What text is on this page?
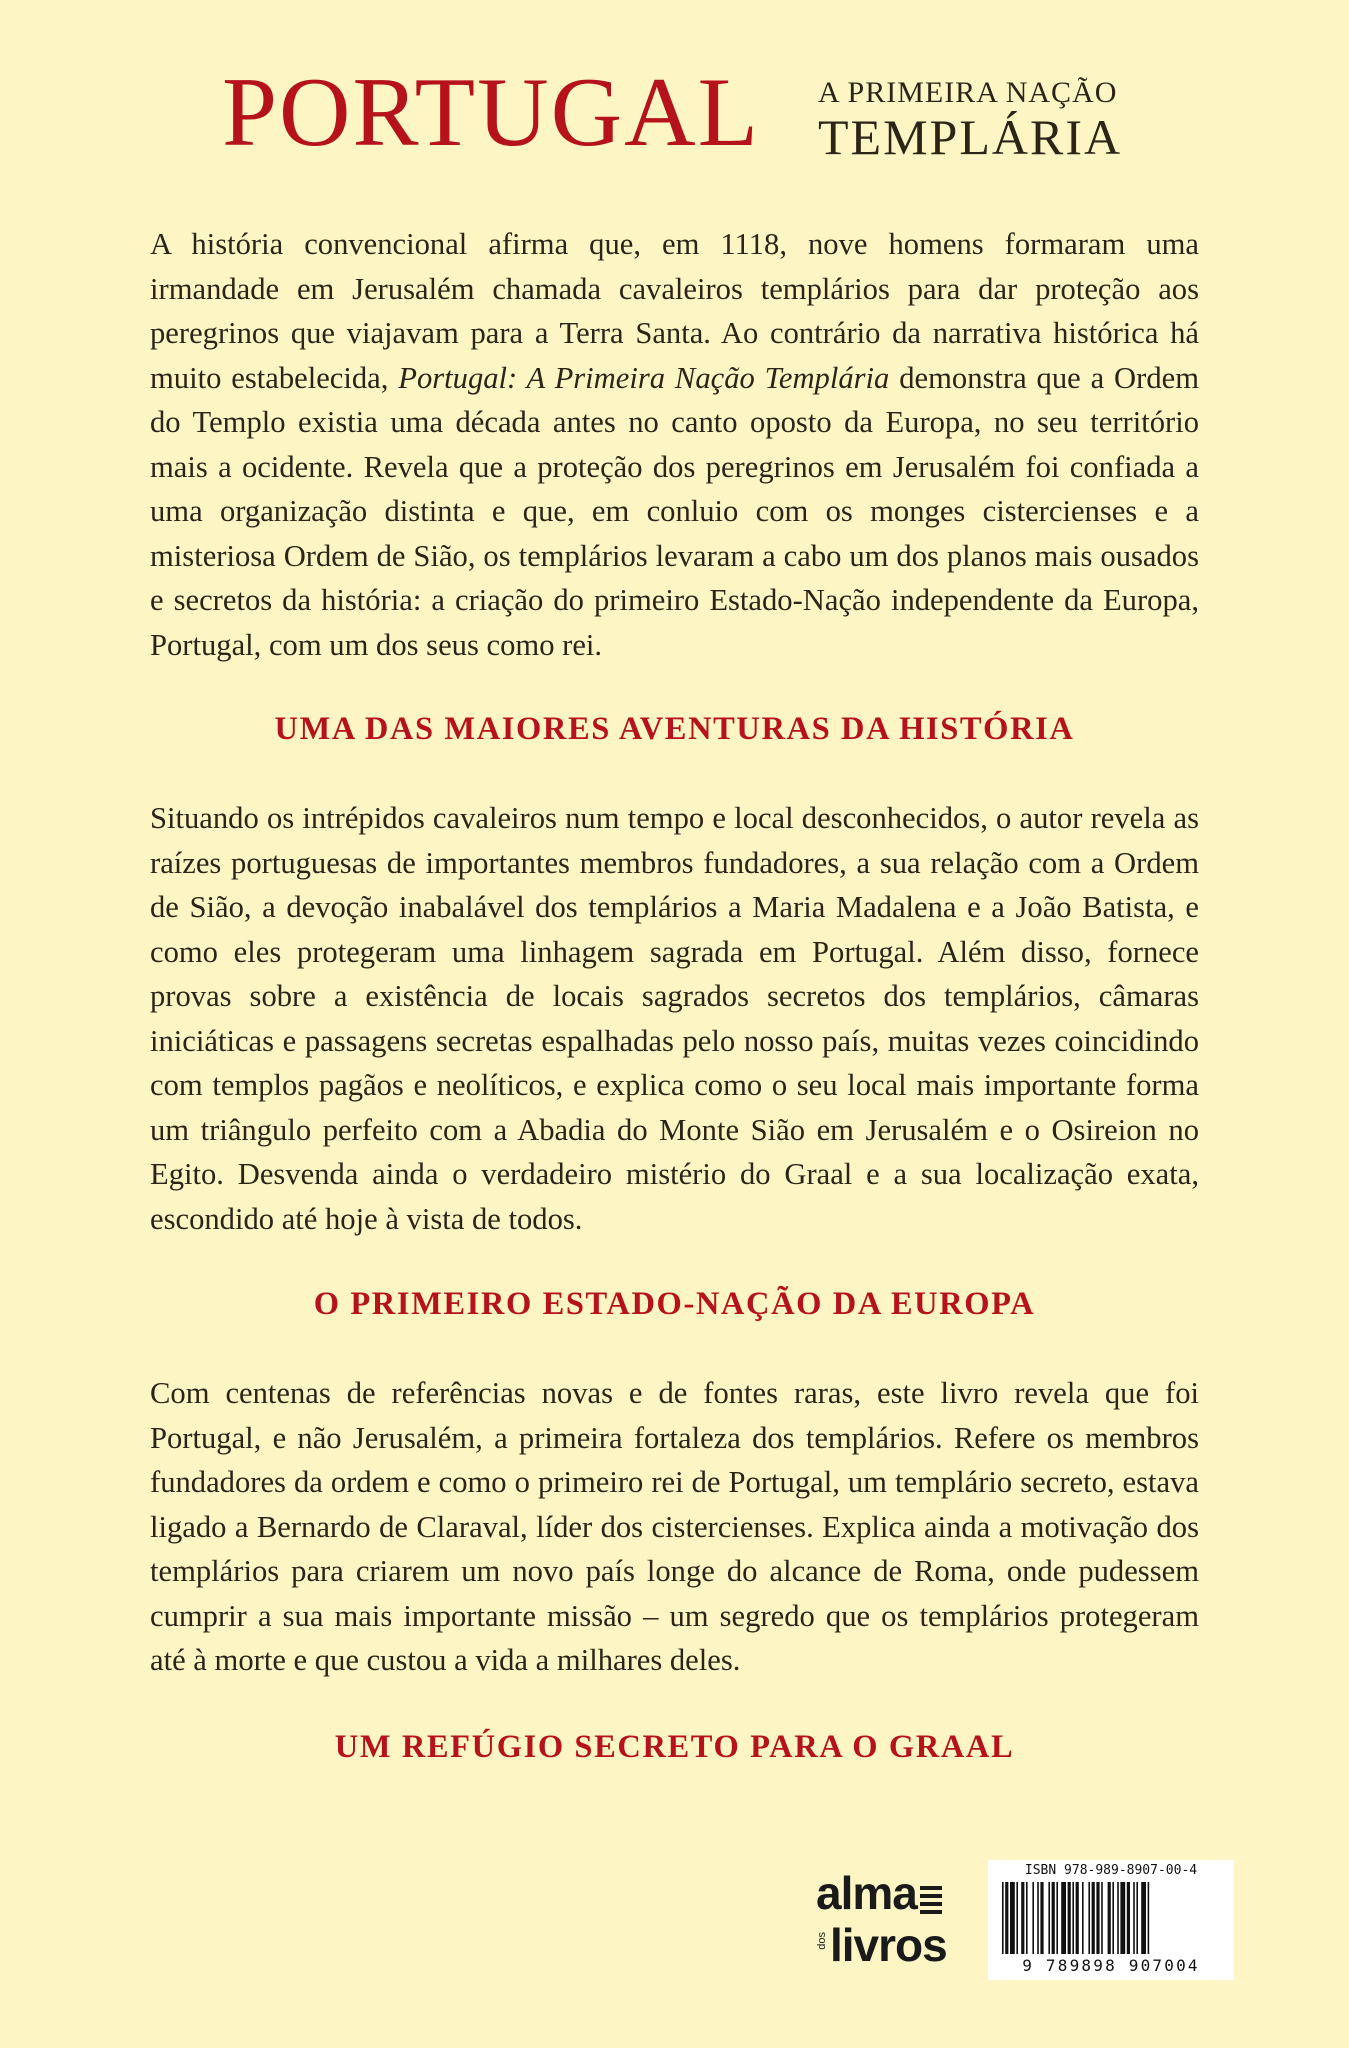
PORTUGAL A PRIMEIRA NAÇÃO
TEMPLÁRIA

A história convencional afirma que, em 1118, nove homens formaram uma irmandade em Jerusalém chamada cavaleiros templários para dar proteção aos peregrinos que viajavam para a Terra Santa. Ao contrário da narrativa histórica há muito estabelecida, Portugal: A Primeira Nação Templária demonstra que a Ordem do Templo existia uma década antes no canto oposto da Europa, no seu território mais a ocidente. Revela que a proteção dos peregrinos em Jerusalém foi confiada a uma organização distinta e que, em conluio com os monges cistercienses e a misteriosa Ordem de Sião, os templários levaram a cabo um dos planos mais ousados e secretos da história: a criação do primeiro Estado-Nação independente da Europa, Portugal, com um dos seus como rei.

UMA DAS MAIORES AVENTURAS DA HISTÓRIA

Situando os intrépidos cavaleiros num tempo e local desconhecidos, o autor revela as raízes portuguesas de importantes membros fundadores, a sua relação com a Ordem de Sião, a devoção inabalável dos templários a Maria Madalena e a João Batista, e como eles protegeram uma linhagem sagrada em Portugal. Além disso, fornece provas sobre a existência de locais sagrados secretos dos templários, câmaras iniciáticas e passagens secretas espalhadas pelo nosso país, muitas vezes coincidindo com templos pagãos e neolíticos, e explica como o seu local mais importante forma um triângulo perfeito com a Abadia do Monte Sião em Jerusalém e o Osireion no Egito. Desvenda ainda o verdadeiro mistério do Graal e a sua localização exata, escondido até hoje à vista de todos.

O PRIMEIRO ESTADO-NAÇÃO DA EUROPA

Com centenas de referências novas e de fontes raras, este livro revela que foi Portugal, e não Jerusalém, a primeira fortaleza dos templários. Refere os membros fundadores da ordem e como o primeiro rei de Portugal, um templário secreto, estava ligado a Bernardo de Claraval, líder dos cistercienses. Explica ainda a motivação dos templários para criarem um novo país longe do alcance de Roma, onde pudessem cumprir a sua mais importante missão – um segredo que os templários protegeram até à morte e que custou a vida a milhares deles.

UM REFÚGIO SECRETO PARA O GRAAL
alma
dos livros
ISBN 978-989-8907-00-4
9 789898 907004
